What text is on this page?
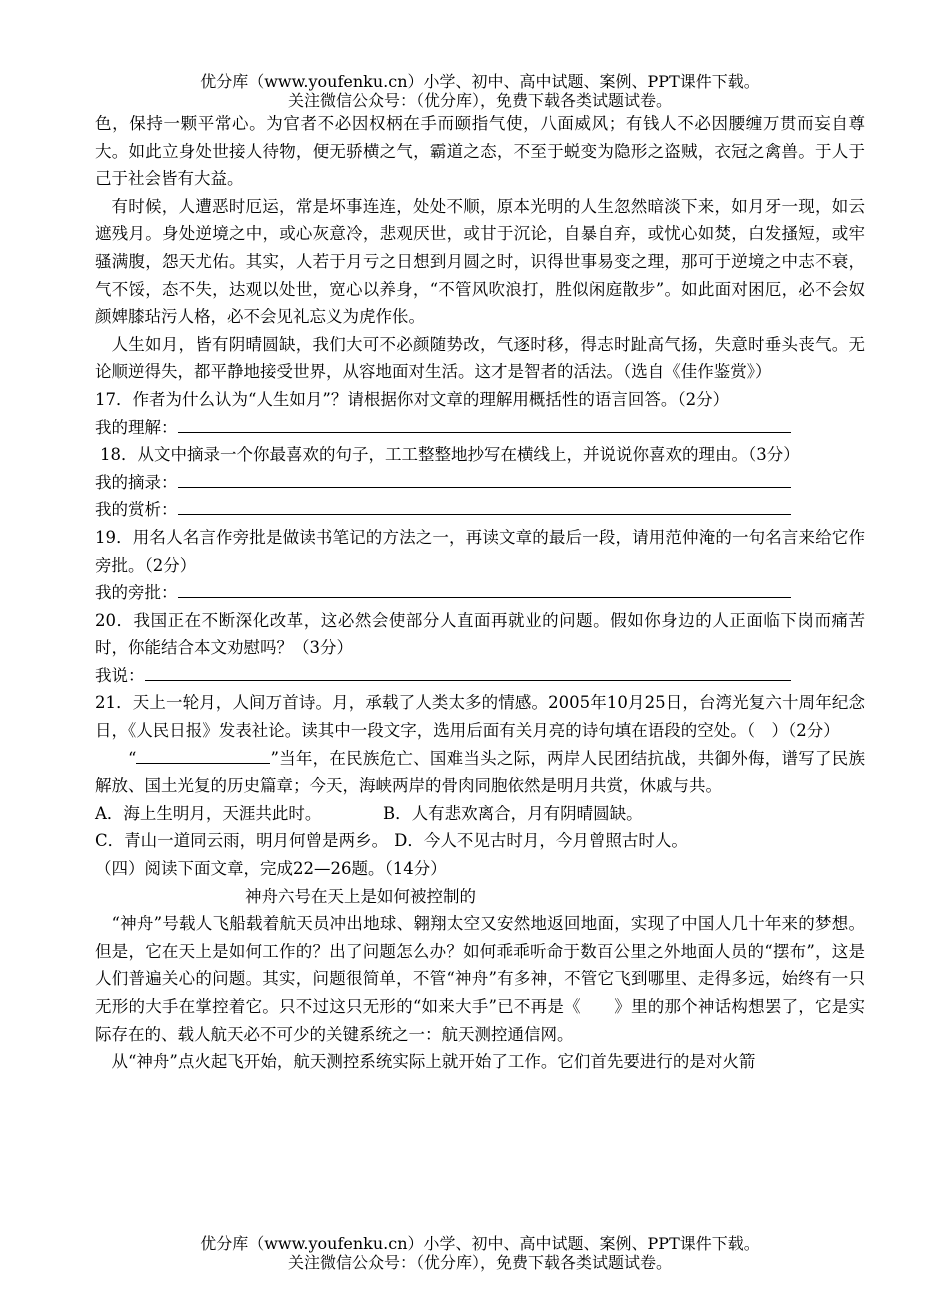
优分库（www.youfenku.cn）小学、初中、高中试题、案例、PPT课件下载。
关注微信公众号：（优分库），免费下载各类试题试卷。

色，保持一颗平常心。为官者不必因权柄在手而颐指气使，八面威风；有钱人不必因腰缠万贯而妄自尊大。如此立身处世接人待物，便无骄横之气，霸道之态，不至于蜕变为隐形之盗贼，衣冠之禽兽。于人于己于社会皆有大益。

有时候，人遭恶时厄运，常是坏事连连，处处不顺，原本光明的人生忽然暗淡下来，如月牙一现，如云遮残月。身处逆境之中，或心灰意冷，悲观厌世，或甘于沉论，自暴自弃，或忧心如焚，白发搔短，或牢骚满腹，怨天尤佑。其实，人若于月亏之日想到月圆之时，识得世事易变之理，那可于逆境之中志不衰，气不馁，态不失，达观以处世，宽心以养身，“不管风吹浪打，胜似闲庭散步”。如此面对困厄，必不会奴颜婢膝玷污人格，必不会见礼忘义为虎作伥。

人生如月，皆有阴晴圆缺，我们大可不必颜随势改，气逐时移，得志时趾高气扬，失意时垂头丧气。无论顺逆得失，都平静地接受世界，从容地面对生活。这才是智者的活法。（选自《佳作鉴赏》）

17．作者为什么认为“人生如月”？请根据你对文章的理解用概括性的语言回答。（2分）

我的理解：

18．从文中摘录一个你最喜欢的句子，工工整整地抄写在横线上，并说说你喜欢的理由。（3分）

我的摘录：

我的赏析：

19．用名人名言作旁批是做读书笔记的方法之一，再读文章的最后一段，请用范仲淹的一句名言来给它作旁批。（2分）

我的旁批：

20．我国正在不断深化改革，这必然会使部分人直面再就业的问题。假如你身边的人正面临下岗而痛苦时，你能结合本文劝慰吗？（3分）

我说：

21．天上一轮月，人间万首诗。月，承载了人类太多的情感。2005年10月25日，台湾光复六十周年纪念日，《人民日报》发表社论。读其中一段文字，选用后面有关月亮的诗句填在语段的空处。（　）（2分）

“	”当年，在民族危亡、国难当头之际，两岸人民团结抗战，共御外侮，谱写了民族解放、国土光复的历史篇章；今天，海峡两岸的骨肉同胞依然是明月共赏，休戚与共。

A．海上生明月，天涯共此时。	B．人有悲欢离合，月有阴晴圆缺。
C．青山一道同云雨，明月何曾是两乡。 D．今人不见古时月，今月曾照古时人。

（四）阅读下面文章，完成22—26题。（14分）

神舟六号在天上是如何被控制的

“神舟”号载人飞船载着航天员冲出地球、翱翔太空又安然地返回地面，实现了中国人几十年来的梦想。但是，它在天上是如何工作的？出了问题怎么办？如何乖乖听命于数百公里之外地面人员的“摆布”，这是人们普遍关心的问题。其实，问题很简单，不管“神舟”有多神，不管它飞到哪里、走得多远，始终有一只无形的大手在掌控着它。只不过这只无形的“如来大手”已不再是《　　》里的那个神话构想罢了，它是实际存在的、载人航天必不可少的关键系统之一：航天测控通信网。

从“神舟”点火起飞开始，航天测控系统实际上就开始了工作。它们首先要进行的是对火箭

优分库（www.youfenku.cn）小学、初中、高中试题、案例、PPT课件下载。
关注微信公众号：（优分库），免费下载各类试题试卷。
